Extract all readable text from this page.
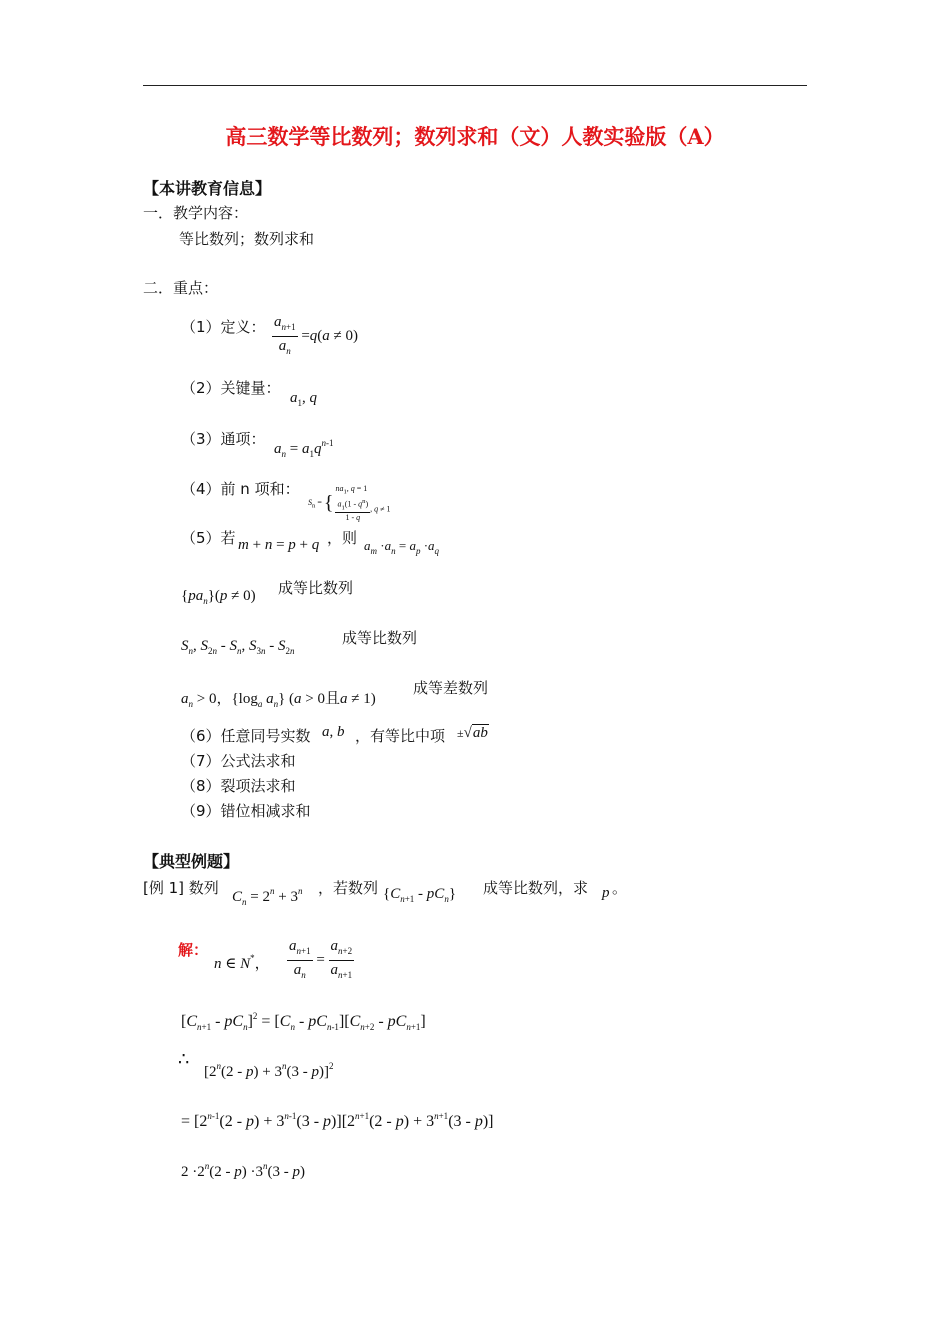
高三数学等比数列；数列求和（文）人教实验版（A）
【本讲教育信息】
一．教学内容：
等比数列；数列求和
二．重点：
（1）定义： $\frac{a_{n+1}}{a_n} =q(a \ne 0)$
（2）关键量：
$a_1$, q
（3）通项：
$a_n = a_1q^{n-1}$
（4）前 n 项和：
$S_n$ = {
$na_1$, q = 1
$\frac{a_1(1 - q^n)}{1 - q}$ , q ≠ 1
（5）若 m + n = p + q ，则 $a_m \cdot a_n = a_p \cdot a_q$
$\{pa_n\}(p \ne 0)$ 成等比数列
$S_n$, $S_{2n} - S_n$, $S_{3n} - S_{2n}$
成等比数列
$a_n > 0$，{$\log_a$ $a_n$} (a > 0且a ≠ 1)
成等差数列
（6）任意同号实数 a, b ，有等比中项 ±√ab
（7）公式法求和
（8）裂项法求和
（9）错位相减求和
【典型例题】
[例 1] 数列 $C_n = 2^n + 3^n$ ，若数列 $\{C_{n+1} - pC_n\}$ 成等比数列，求 p 。
解：
n ∈ N*， $\frac{a_{n+1}}{a_n} = \frac{a_{n+2}}{a_{n+1}}$
$[C_{n+1} - pC_n]^2 = [C_n - pC_{n-1}][C_{n+2} - pC_{n+1}]$
∴
$[2^n(2 - p) + 3^n(3 - p)]^2$
= $[2^{n-1}(2 - p) + 3^{n-1}(3 - p)][2^{n+1}(2 - p) + 3^{n+1}(3 - p)]$
$2 \cdot 2^n(2 - p) \cdot 3^n(3 - p)$
